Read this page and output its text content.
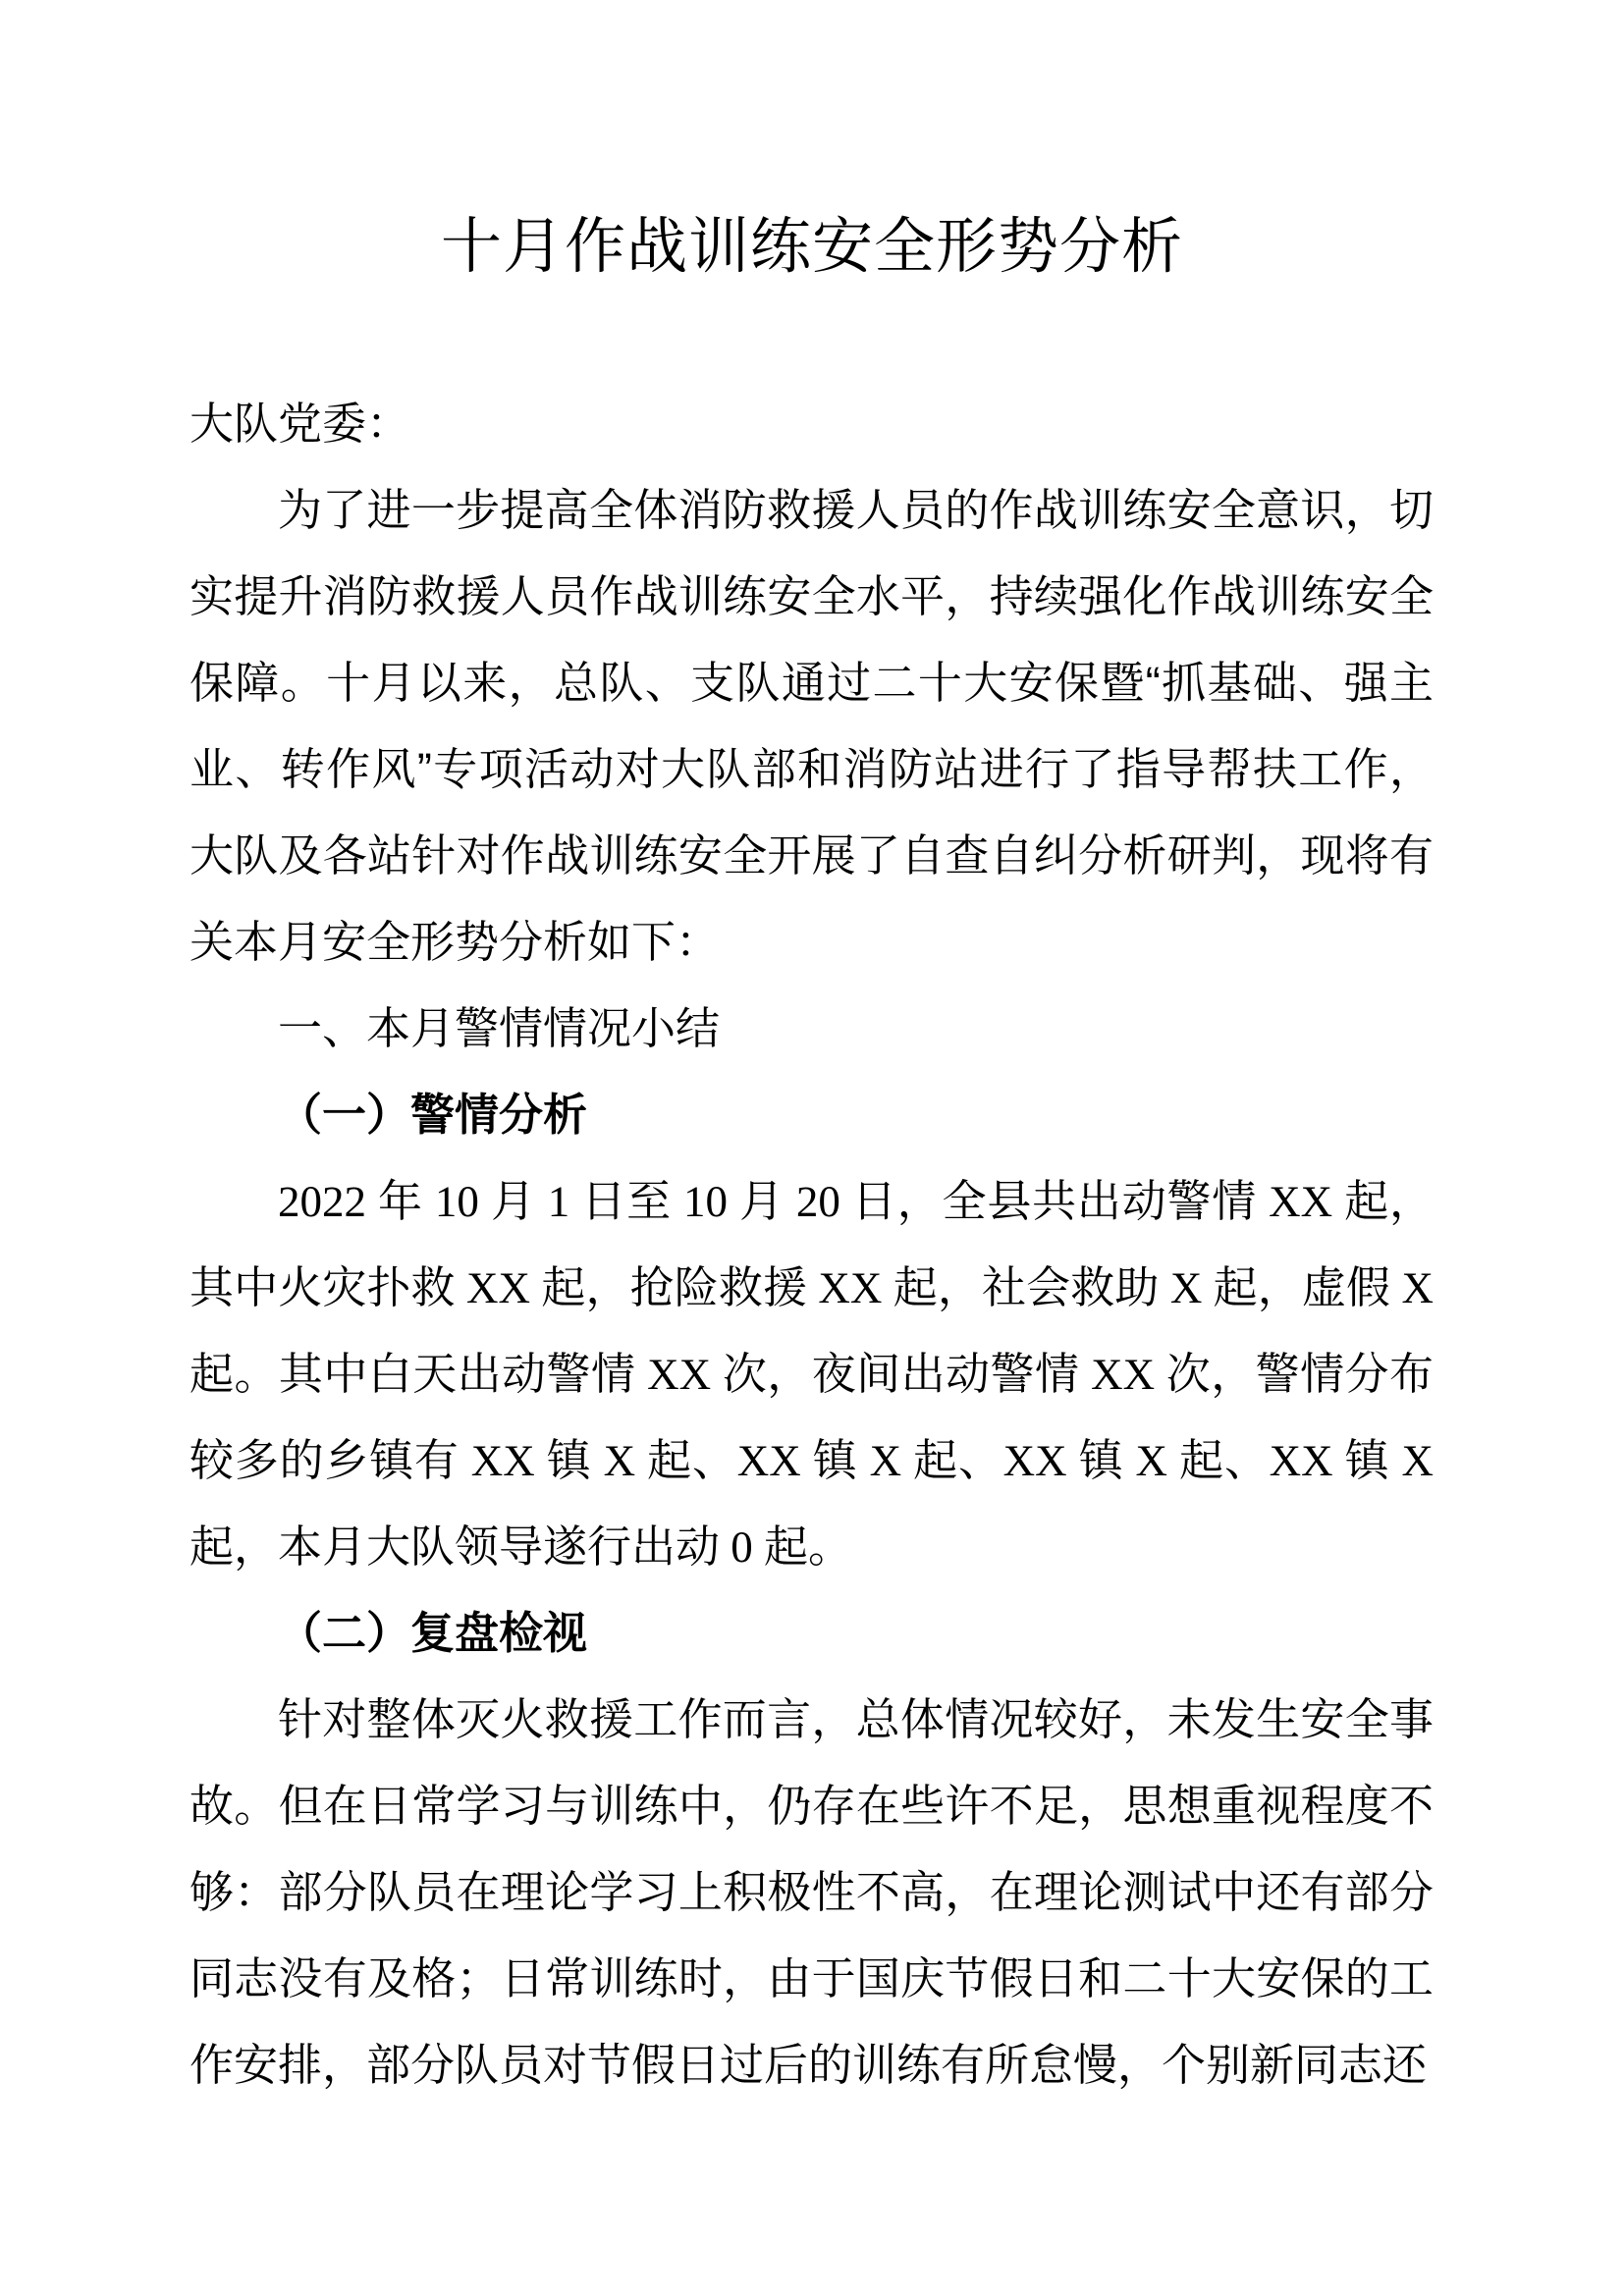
十月作战训练安全形势分析

大队党委：

为了进一步提高全体消防救援人员的作战训练安全意识，切实提升消防救援人员作战训练安全水平，持续强化作战训练安全保障。十月以来，总队、支队通过二十大安保暨“抓基础、强主业、转作风”专项活动对大队部和消防站进行了指导帮扶工作，大队及各站针对作战训练安全开展了自查自纠分析研判，现将有关本月安全形势分析如下：

一、本月警情情况小结

（一）警情分析

2022 年 10 月 1 日至 10 月 20 日，全县共出动警情 XX 起，其中火灾扑救 XX 起，抢险救援 XX 起，社会救助 X 起，虚假 X 起。其中白天出动警情 XX 次，夜间出动警情 XX 次，警情分布较多的乡镇有 XX 镇 X 起、XX 镇 X 起、XX 镇 X 起、XX 镇 X 起，本月大队领导遂行出动 0 起。

（二）复盘检视

针对整体灭火救援工作而言，总体情况较好，未发生安全事故。但在日常学习与训练中，仍存在些许不足，思想重视程度不够：部分队员在理论学习上积极性不高，在理论测试中还有部分同志没有及格；日常训练时，由于国庆节假日和二十大安保的工作安排，部分队员对节假日过后的训练有所怠慢，个别新同志还
